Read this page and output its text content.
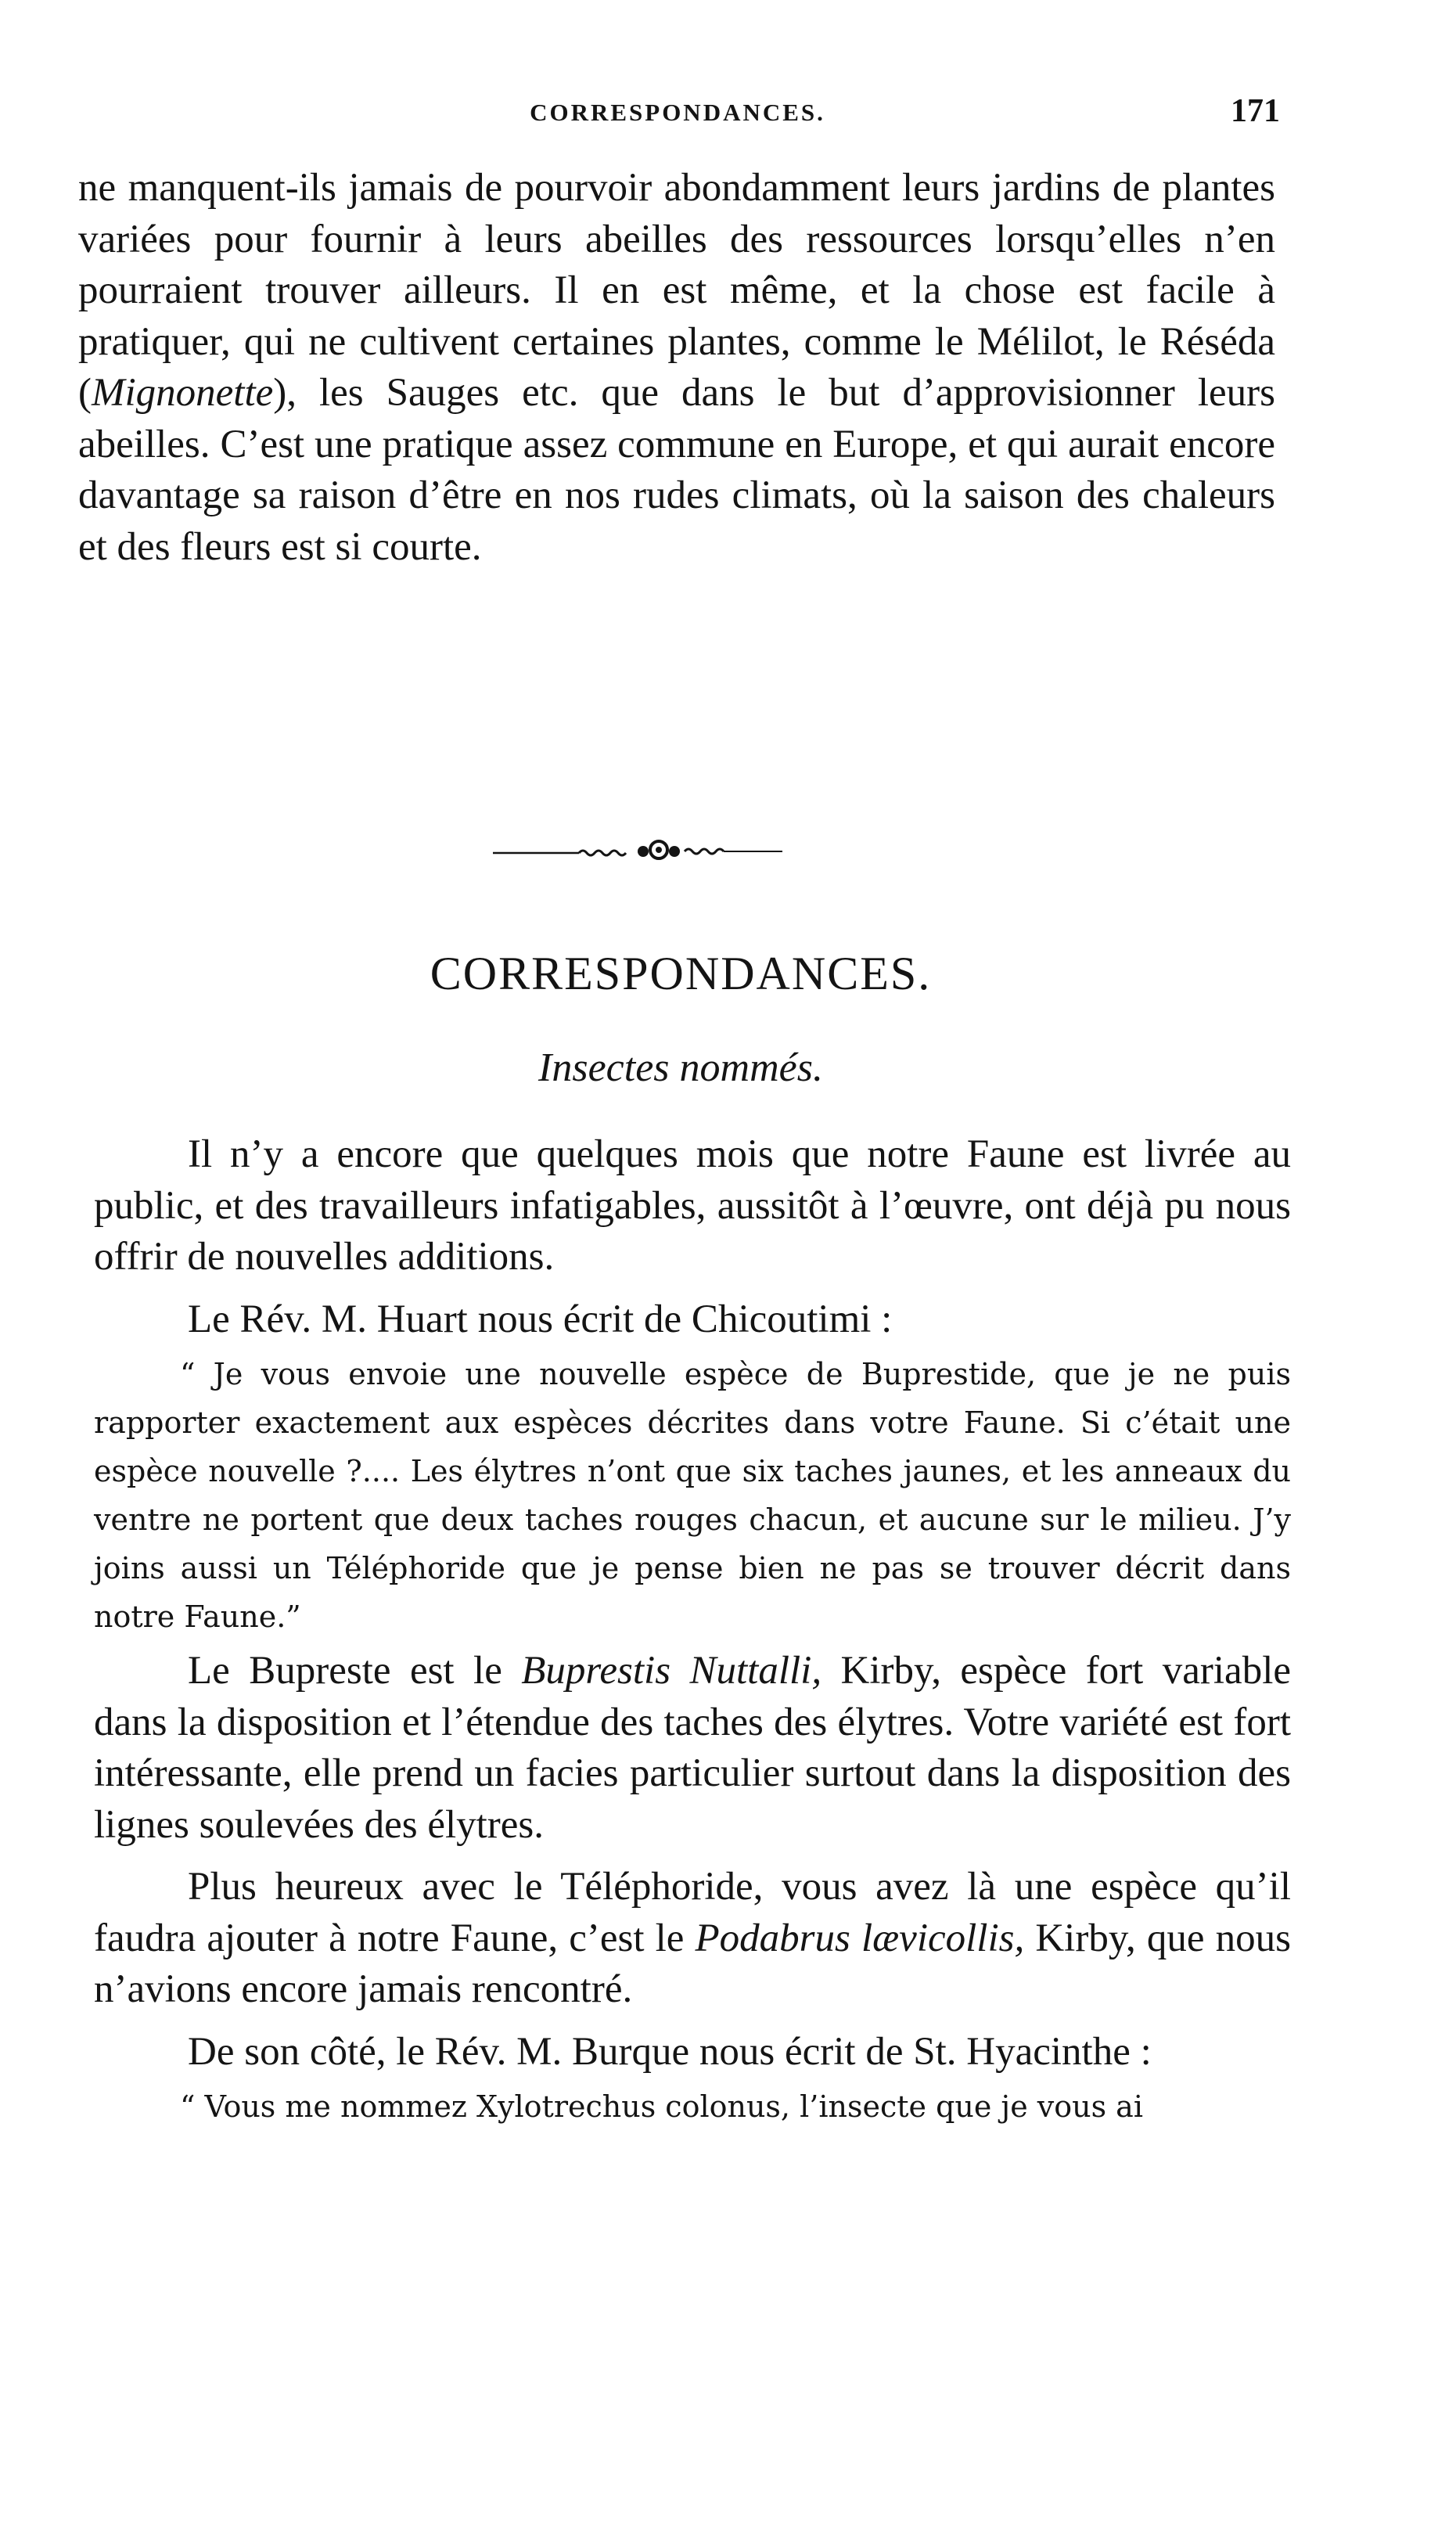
CORRESPONDANCES.	171

ne manquent-ils jamais de pourvoir abondamment leurs jardins de plantes variées pour fournir à leurs abeilles des ressources lorsqu’elles n’en pourraient trouver ailleurs. Il en est même, et la chose est facile à pratiquer, qui ne cultivent certaines plantes, comme le Mélilot, le Réséda (Mignonette), les Sauges etc. que dans le but d’approvisionner leurs abeilles. C’est une pratique assez commune en Europe, et qui aurait encore davantage sa raison d’être en nos rudes climats, où la saison des chaleurs et des fleurs est si courte.

CORRESPONDANCES.
Insectes nommés.

Il n’y a encore que quelques mois que notre Faune est livrée au public, et des travailleurs infatigables, aussitôt à l’œuvre, ont déjà pu nous offrir de nouvelles additions.

Le Rév. M. Huart nous écrit de Chicoutimi :

“ Je vous envoie une nouvelle espèce de Buprestide, que je ne puis rapporter exactement aux espèces décrites dans votre Faune. Si c’était une espèce nouvelle ?.... Les élytres n’ont que six taches jaunes, et les anneaux du ventre ne portent que deux taches rouges chacun, et aucune sur le milieu. J’y joins aussi un Téléphoride que je pense bien ne pas se trouver décrit dans notre Faune.”

Le Bupreste est le Buprestis Nuttalli, Kirby, espèce fort variable dans la disposition et l’étendue des taches des élytres. Votre variété est fort intéressante, elle prend un facies particulier surtout dans la disposition des lignes soulevées des élytres.

Plus heureux avec le Téléphoride, vous avez là une espèce qu’il faudra ajouter à notre Faune, c’est le Podabrus lævicollis, Kirby, que nous n’avions encore jamais rencontré.

De son côté, le Rév. M. Burque nous écrit de St. Hyacinthe :

“ Vous me nommez Xylotrechus colonus, l’insecte que je vous ai
